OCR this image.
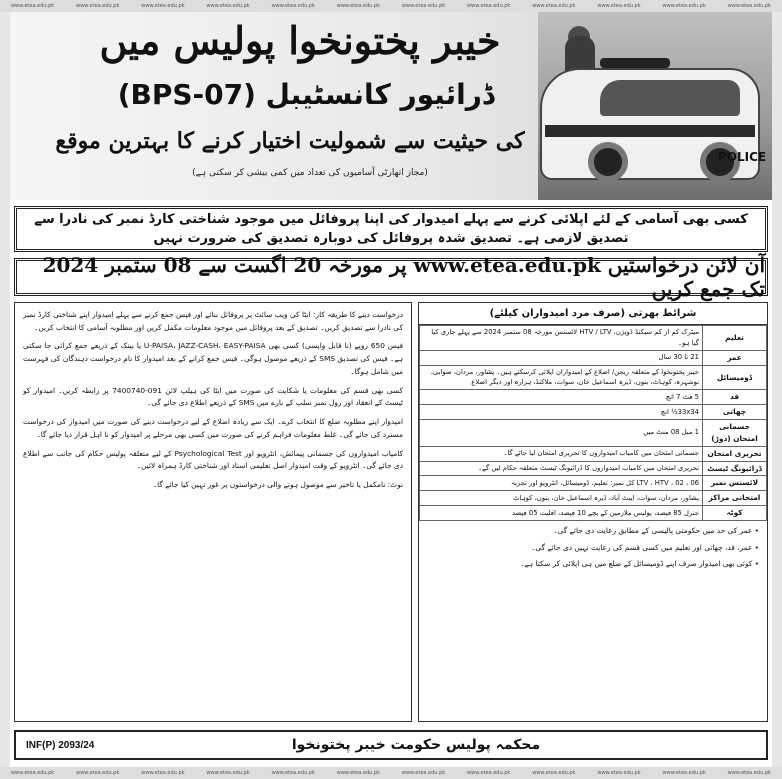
www.etea.edu.pk	www.etea.edu.pk	www.etea.edu.pk	www.etea.edu.pk	www.etea.edu.pk	www.etea.edu.pk	www.etea.edu.pk	www.etea.edu.pk	www.etea.edu.pk	www.etea.edu.pk	www.etea.edu.pk	www.etea.edu.pk
www.etea.edu.pk	www.etea.edu.pk	www.etea.edu.pk	www.etea.edu.pk	www.etea.edu.pk	www.etea.edu.pk	www.etea.edu.pk	www.etea.edu.pk	www.etea.edu.pk	www.etea.edu.pk	www.etea.edu.pk	www.etea.edu.pk
POLICE
خیبر پختونخوا پولیس میں
ڈرائیور کانسٹیبل (BPS-07)
کی حیثیت سے شمولیت اختیار کرنے کا بہترین موقع
(مجاز اتھارٹی آسامیوں کی تعداد میں کمی بیشی کر سکتی ہے)
کسی بھی آسامی کے لئے اپلائی کرنے سے پہلے امیدوار کی اپنا پروفائل میں موجود شناختی کارڈ نمبر کی نادرا سے تصدیق لازمی ہے۔ تصدیق شدہ پروفائل کی دوبارہ تصدیق کی ضرورت نہیں
آن لائن درخواستیں www.etea.edu.pk پر مورخہ 20 اگست سے 08 ستمبر 2024 تک جمع کریں

درخواست دینے کا طریقہ کار: ایٹا کی ویب سائٹ پر پروفائل بنائے اور فیس جمع کرنے سے پہلے امیدوار اپنے شناختی کارڈ نمبر کی نادرا سے تصدیق کریں۔ تصدیق کے بعد پروفائل میں موجود معلومات مکمل کریں اور مطلوبہ آسامی کا انتخاب کریں۔

فیس 650 روپے (نا قابل واپسی) کسی بھی U-PAISA، JAZZ-CASH، EASY-PAISA یا بینک کے ذریعے جمع کرائی جا سکتی ہے۔ فیس کی تصدیق SMS کے ذریعے موصول ہوگی۔ فیس جمع کرانے کے بعد امیدوار کا نام درخواست دہندگان کی فہرست میں شامل ہوگا۔

کسی بھی قسم کی معلومات یا شکایت کی صورت میں ایٹا کی ہیلپ لائن 091-7400740 پر رابطہ کریں۔ امیدوار کو ٹیسٹ کے انعقاد اور رول نمبر سلپ کے بارے میں SMS کے ذریعے اطلاع دی جائے گی۔

امیدوار اپنے مطلوبہ ضلع کا انتخاب کرے۔ ایک سے زیادہ اضلاع کے لیے درخواست دینے کی صورت میں امیدوار کی درخواست مسترد کی جائے گی۔ غلط معلومات فراہم کرنے کی صورت میں کسی بھی مرحلے پر امیدوار کو نا اہل قرار دیا جائے گا۔

کامیاب امیدواروں کی جسمانی پیمائش، انٹرویو اور Psychological Test کے لیے متعلقہ پولیس حکام کی جانب سے اطلاع دی جائے گی۔ انٹرویو کے وقت امیدوار اصل تعلیمی اسناد اور شناختی کارڈ ہمراہ لائیں۔

نوٹ: نامکمل یا تاخیر سے موصول ہونے والی درخواستوں پر غور نہیں کیا جائے گا۔

شرائط بھرتی (صرف مرد امیدواران کیلئے)
میٹرک کم از کم سیکنڈ ڈویژن، HTV / LTV لائسنس مورخہ 08 ستمبر 2024 سے پہلے جاری کیا گیا ہو۔	تعلیم
21 تا 30 سال	عمر
خیبر پختونخوا کے متعلقہ ریجن/ اضلاع کے امیدواران اپلائی کرسکتے ہیں۔ پشاور، مردان، صوابی، نوشہرہ، کوہاٹ، بنوں، ڈیرہ اسماعیل خان، سوات، ملاکنڈ، ہزارہ اور دیگر اضلاع	ڈومیسائل
5 فٹ 7 انچ	قد
33x34½ انچ	چھاتی
1 میل 08 منٹ میں	جسمانی امتحان (دوڑ)
جسمانی امتحان میں کامیاب امیدواروں کا تحریری امتحان لیا جائے گا۔	تحریری امتحان
تحریری امتحان میں کامیاب امیدواروں کا ڈرائیونگ ٹیسٹ متعلقہ حکام لیں گے۔	ڈرائیونگ ٹیسٹ
LTV ، HTV ، 02 ، 06 کل نمبر: تعلیم، ڈومیسائل، انٹرویو اور تجربہ	لائسنس نمبر
پشاور، مردان، سوات، ایبٹ آباد، ڈیرہ اسماعیل خان، بنوں، کوہاٹ	امتحانی مراکز
جنرل 85 فیصد، پولیس ملازمین کے بچے 10 فیصد، اقلیت 05 فیصد	کوٹہ

• عمر کی حد میں حکومتی پالیسی کے مطابق رعایت دی جائے گی۔

• عمر، قد، چھاتی اور تعلیم میں کسی قسم کی رعایت نہیں دی جائے گی۔

• کوئی بھی امیدوار صرف اپنے ڈومیسائل کے ضلع میں ہی اپلائی کر سکتا ہے۔

INF(P) 2093/24	محکمہ پولیس حکومت خیبر پختونخوا
